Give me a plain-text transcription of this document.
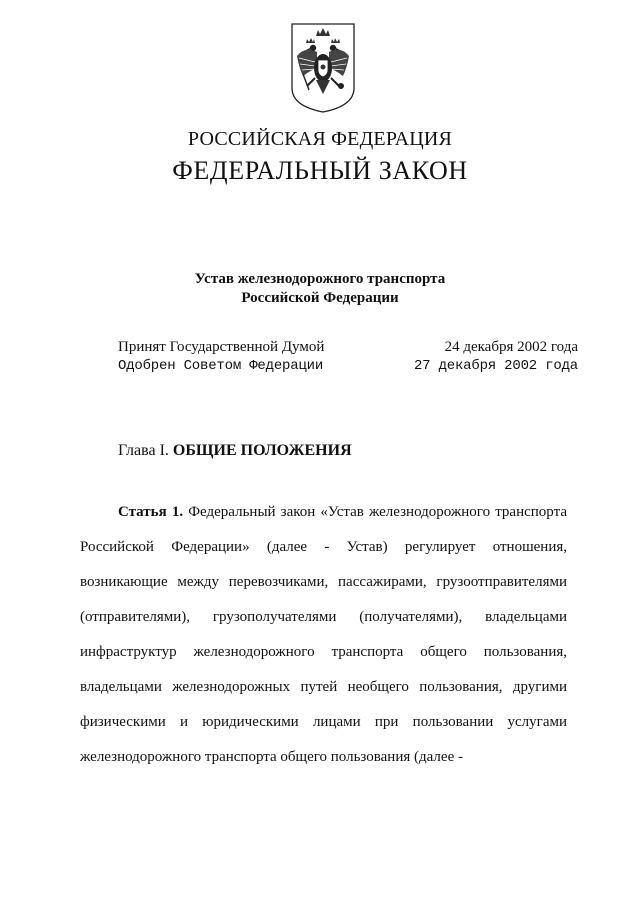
РОССИЙСКАЯ ФЕДЕРАЦИЯ
ФЕДЕРАЛЬНЫЙ ЗАКОН
Устав железнодорожного транспорта
Российской Федерации
Принят Государственной Думой	24 декабря 2002 года
Одобрен Советом Федерации	27 декабря 2002 года
Глава I. ОБЩИЕ ПОЛОЖЕНИЯ

Статья 1. Федеральный закон «Устав железнодорожного транспорта Российской Федерации» (далее - Устав) регулирует отношения, возникающие между перевозчиками, пассажирами, грузоотправителями (отправителями), грузополучателями (получателями), владельцами инфраструктур железнодорожного транспорта общего пользования, владельцами железнодорожных путей необщего пользования, другими физическими и юридическими лицами при пользовании услугами железнодорожного транспорта общего пользования (далее -
